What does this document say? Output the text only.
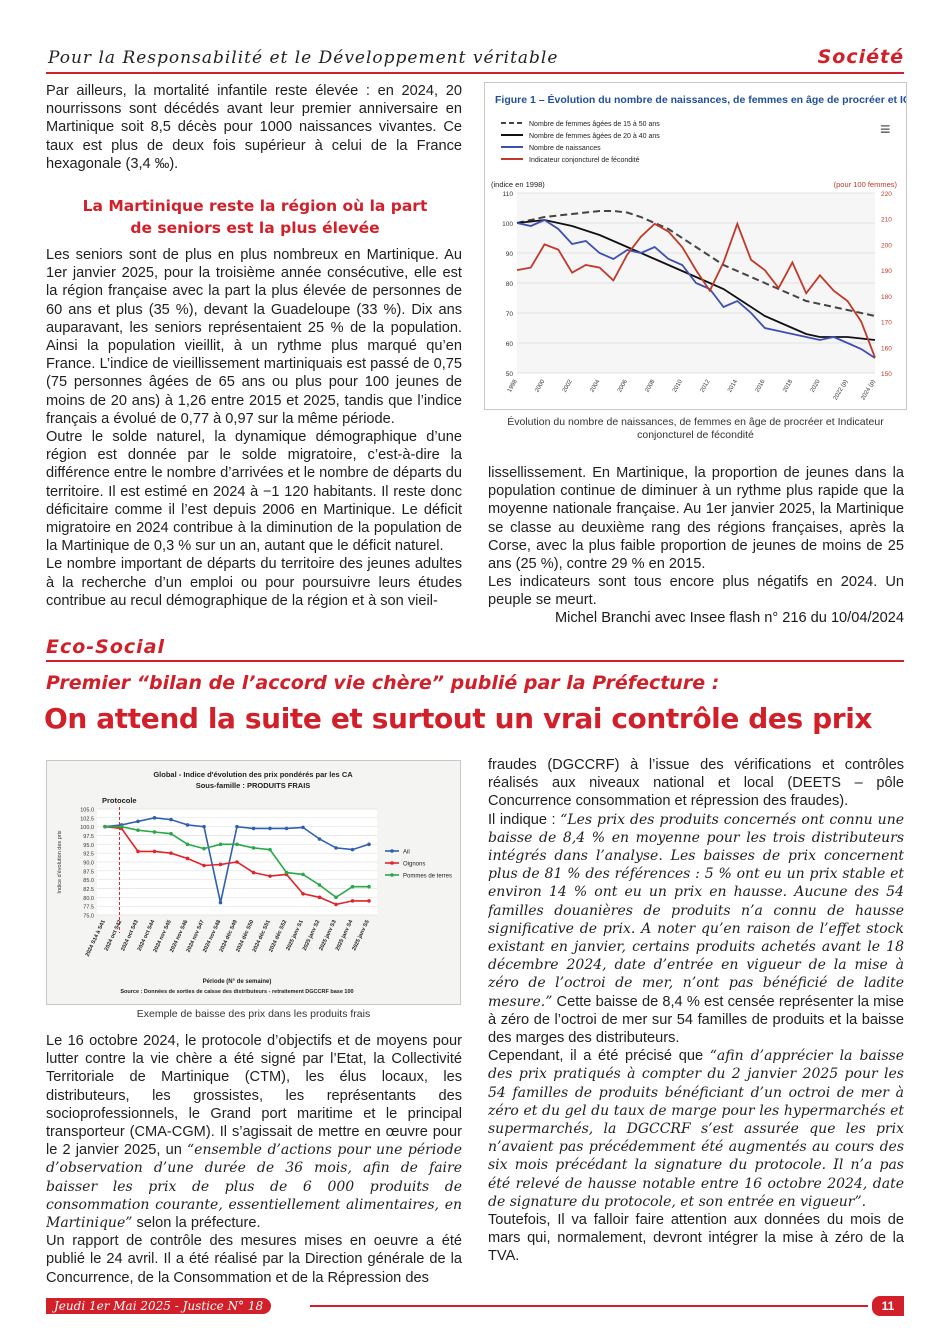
Pour la Responsabilité et le Développement véritable	Société

Par ailleurs, la mortalité infantile reste élevée : en 2024, 20 nourrissons sont décédés avant leur premier anniversaire en Martinique soit 8,5 décès pour 1000 naissances vivantes. Ce taux est plus de deux fois supérieur à celui de la France hexagonale (3,4 ‰).

La Martinique reste la région où la part
de seniors est la plus élevée

Les seniors sont de plus en plus nombreux en Martinique. Au 1er janvier 2025, pour la troisième année consécutive, elle est la région française avec la part la plus élevée de personnes de 60 ans et plus (35 %), devant la Guadeloupe (33 %). Dix ans auparavant, les seniors représentaient 25 % de la population. Ainsi la population vieillit, à un rythme plus marqué qu’en France. L’indice de vieillissement martiniquais est passé de 0,75 (75 personnes âgées de 65 ans ou plus pour 100 jeunes de moins de 20 ans) à 1,26 entre 2015 et 2025, tandis que l’indice français a évolué de 0,77 à 0,97 sur la même période.

Outre le solde naturel, la dynamique démographique d’une région est donnée par le solde migratoire, c’est-à-dire la différence entre le nombre d’arrivées et le nombre de départs du territoire. Il est estimé en 2024 à −1 120 habitants. Il reste donc déficitaire comme il l’est depuis 2006 en Martinique. Le déficit migratoire en 2024 contribue à la diminution de la population de la Martinique de 0,3 % sur un an, autant que le déficit naturel.

Le nombre important de départs du territoire des jeunes adultes à la recherche d’un emploi ou pour poursuivre leurs études contribue au recul démographique de la région et à son vieil-

Figure 1 – Évolution du nombre de naissances, de femmes en âge de procréer et ICF*
≡
Nombre de femmes âgées de 15 à 50 ans
Nombre de femmes âgées de 20 à 40 ans
Nombre de naissances
Indicateur conjoncturel de fécondité
(indice en 1998)	(pour 100 femmes)
50
60
70
80
90
100
110
150
160
170
180
190
200
210
220
1998	2000	2002	2004	2006	2008	2010	2012	2014	2016	2018	2020 2022 (p) 2024 (p)
Évolution du nombre de naissances, de femmes en âge de procréer et Indicateur conjoncturel de fécondité

lissellissement. En Martinique, la proportion de jeunes dans la population continue de diminuer à un rythme plus rapide que la moyenne nationale française. Au 1er janvier 2025, la Martinique se classe au deuxième rang des régions françaises, après la Corse, avec la plus faible proportion de jeunes de moins de 25 ans (25 %), contre 29 % en 2015.

Les indicateurs sont tous encore plus négatifs en 2024. Un peuple se meurt.

Michel Branchi avec Insee flash n° 216 du 10/04/2024
Eco-Social
Premier “bilan de l’accord vie chère” publié par la Préfecture :
On attend la suite et surtout un vrai contrôle des prix
Global - Indice d'évolution des prix pondérés par les CA
Sous-famille : PRODUITS FRAIS
Protocole
75.0
77.5
80.0
82.5
85.0
87.5
90.0
92.5
95.0
97.5
100.0
102.5
105.0
Indice d'évolution des prix
2024 S14 à S41
2024 oct S42
2024 oct S43
2024 oct S44
2024 nov S45
2024 nov S46
2024 nov S47
2024 nov S48
2024 déc S49
2024 déc S50
2024 déc S51
2024 déc S52
2025 janv S1
2025 janv S2
2025 janv S3
2025 janv S4
2025 janv S5
Ail
Oignons
Pommes de terres
Période (N° de semaine)
Source : Données de sorties de caisse des distributeurs - retraitement DGCCRF base 100
Exemple de baisse des prix dans les produits frais

Le 16 octobre 2024, le protocole d’objectifs et de moyens pour lutter contre la vie chère a été signé par l’Etat, la Collectivité Territoriale de Martinique (CTM), les élus locaux, les distributeurs, les grossistes, les représentants des socioprofessionnels, le Grand port maritime et le principal transporteur (CMA-CGM). Il s’agissait de mettre en œuvre pour le 2 janvier 2025, un “ensemble d’actions pour une période d’observation d’une durée de 36 mois, afin de faire baisser les prix de plus de 6 000 produits de consommation courante, essentiellement alimentaires, en Martinique” selon la préfecture.

Un rapport de contrôle des mesures mises en oeuvre a été publié le 24 avril. Il a été réalisé par la Direction générale de la Concurrence, de la Consommation et de la Répression des

fraudes (DGCCRF) à l’issue des vérifications et contrôles réalisés aux niveaux national et local (DEETS – pôle Concurrence consommation et répression des fraudes).

Il indique : “Les prix des produits concernés ont connu une baisse de 8,4 % en moyenne pour les trois distributeurs intégrés dans l’analyse. Les baisses de prix concernent plus de 81 % des références : 5 % ont eu un prix stable et environ 14 % ont eu un prix en hausse. Aucune des 54 familles douanières de produits n’a connu de hausse significative de prix. A noter qu’en raison de l’effet stock existant en janvier, certains produits achetés avant le 18 décembre 2024, date d’entrée en vigueur de la mise à zéro de l’octroi de mer, n’ont pas bénéficié de ladite mesure.” Cette baisse de 8,4 % est censée représenter la mise à zéro de l’octroi de mer sur 54 familles de produits et la baisse des marges des distributeurs.

Cependant, il a été précisé que “afin d’apprécier la baisse des prix pratiqués à compter du 2 janvier 2025 pour les 54 familles de produits bénéficiant d’un octroi de mer à zéro et du gel du taux de marge pour les hypermarchés et supermarchés, la DGCCRF s’est assurée que les prix n’avaient pas précédemment été augmentés au cours des six mois précédant la signature du protocole. Il n’a pas été relevé de hausse notable entre 16 octobre 2024, date de signature du protocole, et son entrée en vigueur”.

Toutefois, Il va falloir faire attention aux données du mois de mars qui, normalement, devront intégrer la mise à zéro de la TVA.

Jeudi 1er Mai 2025 - Justice N° 18	11
